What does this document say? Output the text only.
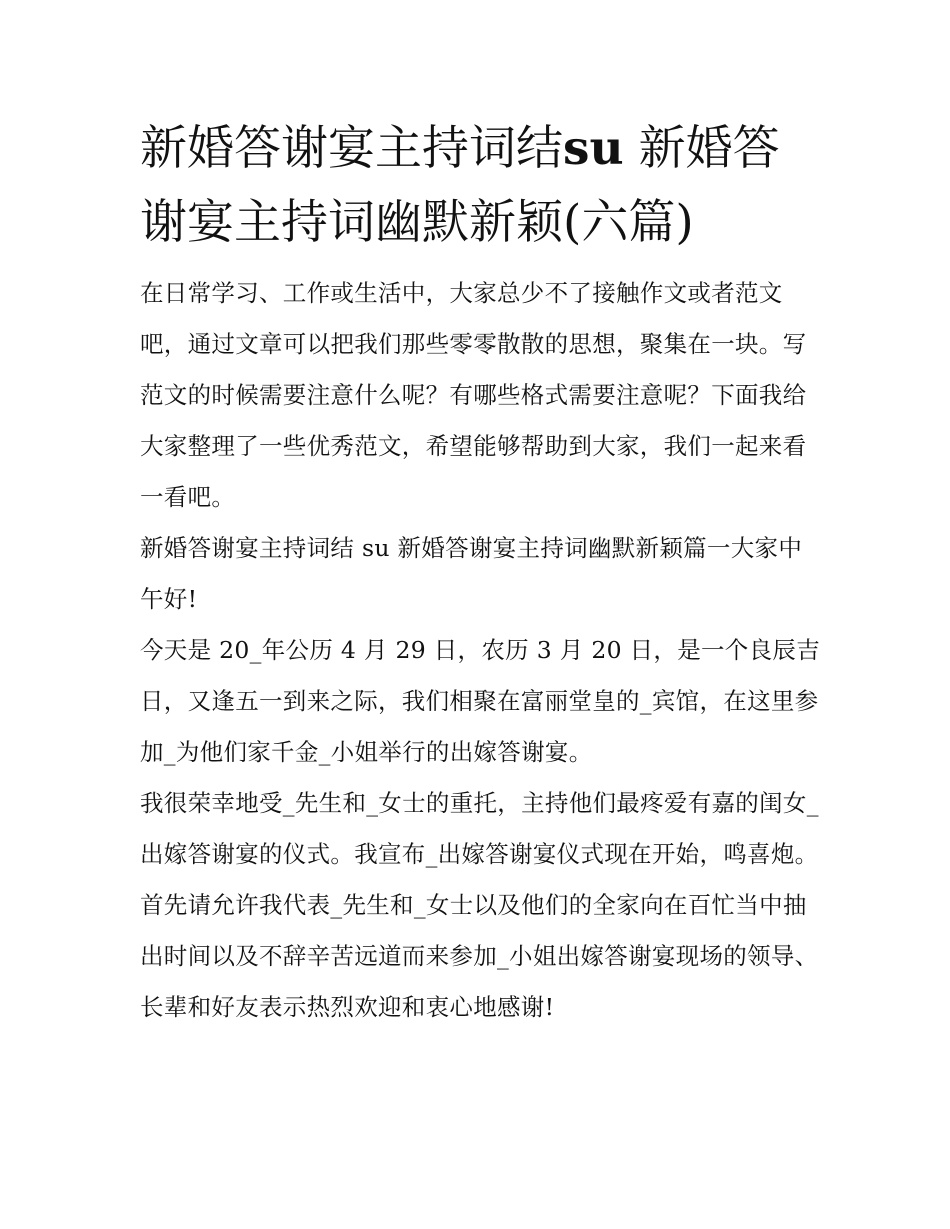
新婚答谢宴主持词结su 新婚答谢宴主持词幽默新颖(六篇)

在日常学习、工作或生活中，大家总少不了接触作文或者范文吧，通过文章可以把我们那些零零散散的思想，聚集在一块。写范文的时候需要注意什么呢？有哪些格式需要注意呢？下面我给大家整理了一些优秀范文，希望能够帮助到大家，我们一起来看一看吧。

新婚答谢宴主持词结 su 新婚答谢宴主持词幽默新颖篇一大家中午好!

今天是 20_年公历 4 月 29 日，农历 3 月 20 日，是一个良辰吉日，又逢五一到来之际，我们相聚在富丽堂皇的_宾馆，在这里参加_为他们家千金_小姐举行的出嫁答谢宴。

我很荣幸地受_先生和_女士的重托，主持他们最疼爱有嘉的闺女_出嫁答谢宴的仪式。我宣布_出嫁答谢宴仪式现在开始，鸣喜炮。

首先请允许我代表_先生和_女士以及他们的全家向在百忙当中抽出时间以及不辞辛苦远道而来参加_小姐出嫁答谢宴现场的领导、长辈和好友表示热烈欢迎和衷心地感谢!
